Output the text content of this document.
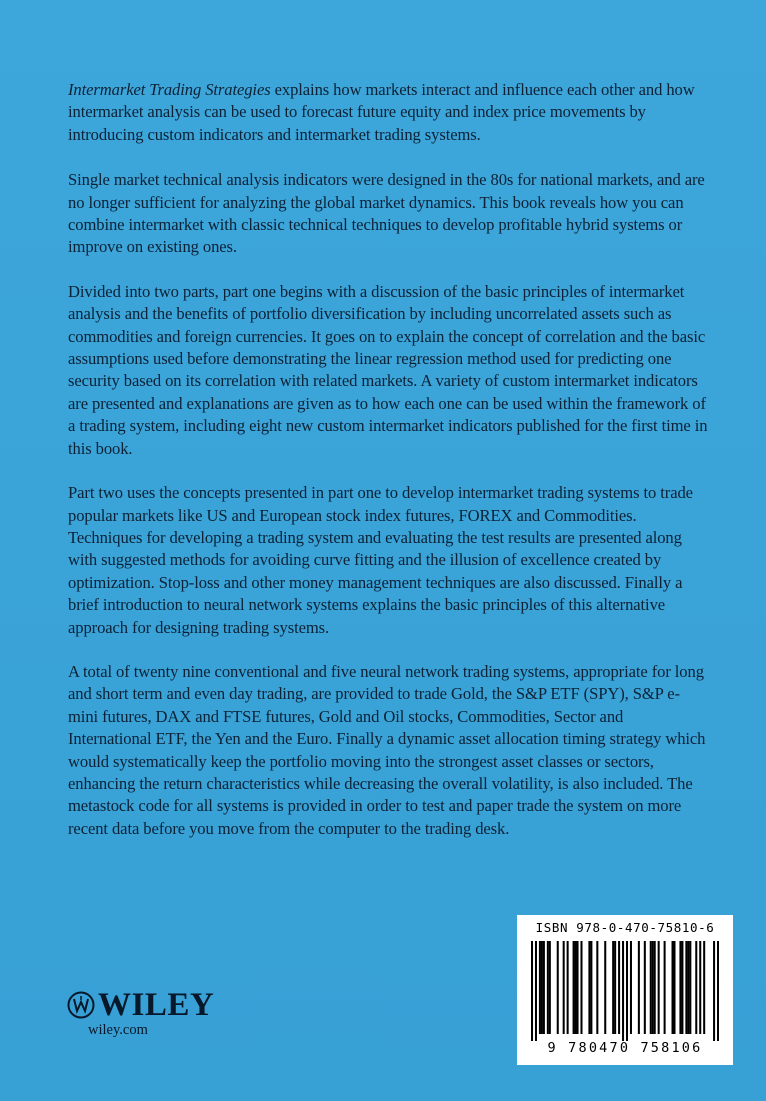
Intermarket Trading Strategies explains how markets interact and influence each other and how intermarket analysis can be used to forecast future equity and index price movements by introducing custom indicators and intermarket trading systems.

Single market technical analysis indicators were designed in the 80s for national markets, and are no longer sufficient for analyzing the global market dynamics. This book reveals how you can combine intermarket with classic technical techniques to develop profitable hybrid systems or improve on existing ones.

Divided into two parts, part one begins with a discussion of the basic principles of intermarket analysis and the benefits of portfolio diversification by including uncorrelated assets such as commodities and foreign currencies. It goes on to explain the concept of correlation and the basic assumptions used before demonstrating the linear regression method used for predicting one security based on its correlation with related markets. A variety of custom intermarket indicators are presented and explanations are given as to how each one can be used within the framework of a trading system, including eight new custom intermarket indicators published for the first time in this book.

Part two uses the concepts presented in part one to develop intermarket trading systems to trade popular markets like US and European stock index futures, FOREX and Commodities. Techniques for developing a trading system and evaluating the test results are presented along with suggested methods for avoiding curve fitting and the illusion of excellence created by optimization. Stop-loss and other money management techniques are also discussed. Finally a brief introduction to neural network systems explains the basic principles of this alternative approach for designing trading systems.

A total of twenty nine conventional and five neural network trading systems, appropriate for long and short term and even day trading, are provided to trade Gold, the S&P ETF (SPY), S&P e-mini futures, DAX and FTSE futures, Gold and Oil stocks, Commodities, Sector and International ETF, the Yen and the Euro. Finally a dynamic asset allocation timing strategy which would systematically keep the portfolio moving into the strongest asset classes or sectors, enhancing the return characteristics while decreasing the overall volatility, is also included. The metastock code for all systems is provided in order to test and paper trade the system on more recent data before you move from the computer to the trading desk.

ISBN 978-0-470-75810-6
9 780470 758106
WILEY
wiley.com
